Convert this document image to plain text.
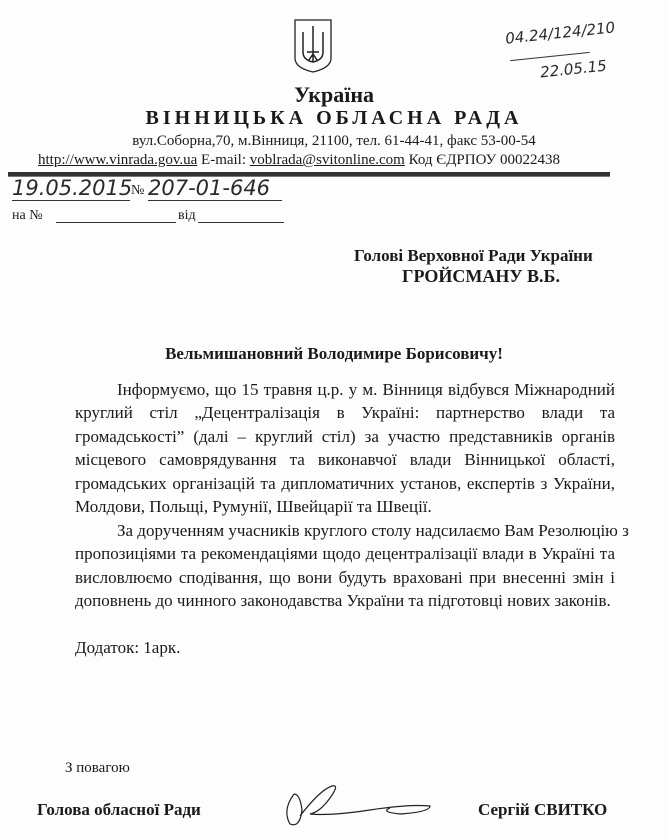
04.24/124/210
22.05.15
Україна
ВІННИЦЬКА ОБЛАСНА РАДА
вул.Соборна,70, м.Вінниця, 21100, тел. 61-44-41, факс 53-00-54
http://www.vinrada.gov.ua E-mail: voblrada@svitonline.com Код ЄДРПОУ 00022438
19.05.2015
№ 207-01-646
на №	від
Голові Верховної Ради України
ГРОЙСМАНУ В.Б.
Вельмишановний Володимире Борисовичу!
Інформуємо, що 15 травня ц.р. у м. Вінниця відбувся Міжнародний
круглий стіл „Децентралізація в Україні: партнерство влади та
громадськості” (далі – круглий стіл) за участю представників органів
місцевого самоврядування та виконавчої влади Вінницької області,
громадських організацій та дипломатичних установ, експертів з України,
Молдови, Польщі, Румунії, Швейцарії та Швеції.
За дорученням учасників круглого столу надсилаємо Вам Резолюцію з
пропозиціями та рекомендаціями щодо децентралізації влади в Україні та
висловлюємо сподівання, що вони будуть враховані при внесенні змін і
доповнень до чинного законодавства України та підготовці нових законів.
Додаток: 1арк.
З повагою
Голова обласної Ради	Сергій СВИТКО
